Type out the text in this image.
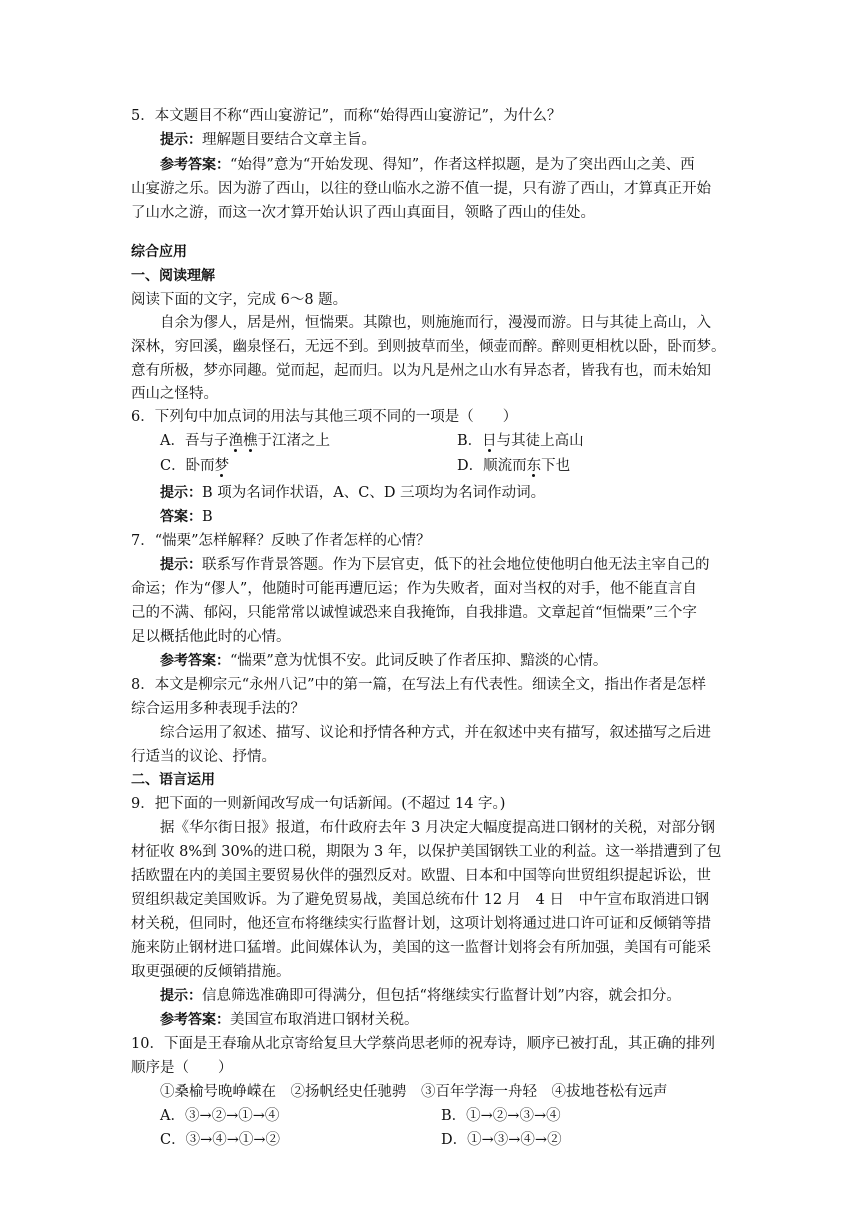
5．本文题目不称“西山宴游记”，而称“始得西山宴游记”，为什么？
提示：理解题目要结合文章主旨。
参考答案：“始得”意为“开始发现、得知”，作者这样拟题，是为了突出西山之美、西
山宴游之乐。因为游了西山，以往的登山临水之游不值一提，只有游了西山，才算真正开始
了山水之游，而这一次才算开始认识了西山真面目，领略了西山的佳处。
综合应用
一、阅读理解
阅读下面的文字，完成 6～8 题。
自余为僇人，居是州，恒惴栗。其隙也，则施施而行，漫漫而游。日与其徒上高山，入
深林，穷回溪，幽泉怪石，无远不到。到则披草而坐，倾壶而醉。醉则更相枕以卧，卧而梦。
意有所极，梦亦同趣。觉而起，起而归。以为凡是州之山水有异态者，皆我有也，而未始知
西山之怪特。
6．下列句中加点词的用法与其他三项不同的一项是（　　）
A．吾与子渔樵于江渚之上	B．日与其徒上高山
C．卧而梦	D．顺流而东下也
提示：B 项为名词作状语，A、C、D 三项均为名词作动词。
答案：B
7．“惴栗”怎样解释？反映了作者怎样的心情？
提示：联系写作背景答题。作为下层官吏，低下的社会地位使他明白他无法主宰自己的
命运；作为“僇人”，他随时可能再遭厄运；作为失败者，面对当权的对手，他不能直言自
己的不满、郁闷，只能常常以诚惶诚恐来自我掩饰，自我排遣。文章起首“恒惴栗”三个字
足以概括他此时的心情。
参考答案：“惴栗”意为忧惧不安。此词反映了作者压抑、黯淡的心情。
8．本文是柳宗元“永州八记”中的第一篇，在写法上有代表性。细读全文，指出作者是怎样
综合运用多种表现手法的？
综合运用了叙述、描写、议论和抒情各种方式，并在叙述中夹有描写，叙述描写之后进
行适当的议论、抒情。
二、语言运用
9．把下面的一则新闻改写成一句话新闻。(不超过 14 字。)
据《华尔街日报》报道，布什政府去年 3 月决定大幅度提高进口钢材的关税，对部分钢
材征收 8%到 30%的进口税，期限为 3 年，以保护美国钢铁工业的利益。这一举措遭到了包
括欧盟在内的美国主要贸易伙伴的强烈反对。欧盟、日本和中国等向世贸组织提起诉讼，世
贸组织裁定美国败诉。为了避免贸易战，美国总统布什 12 月　4 日　中午宣布取消进口钢
材关税，但同时，他还宣布将继续实行监督计划，这项计划将通过进口许可证和反倾销等措
施来防止钢材进口猛增。此间媒体认为，美国的这一监督计划将会有所加强，美国有可能采
取更强硬的反倾销措施。
提示：信息筛选准确即可得满分，但包括“将继续实行监督计划”内容，就会扣分。
参考答案：美国宣布取消进口钢材关税。
10．下面是王春瑜从北京寄给复旦大学蔡尚思老师的祝寿诗，顺序已被打乱，其正确的排列
顺序是（　　）
①桑榆号晚峥嵘在　②扬帆经史任驰骋　③百年学海一舟轻　④拔地苍松有远声
A．③→②→①→④	B．①→②→③→④
C．③→④→①→②	D．①→③→④→②
